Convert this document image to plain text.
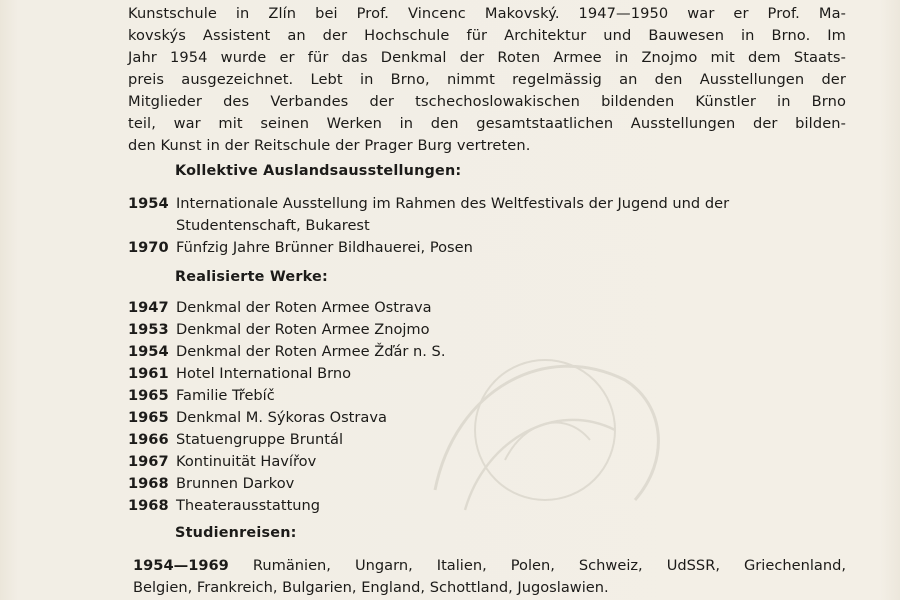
Kunstschule in Zlín bei Prof. Vincenc Makovský. 1947—1950 war er Prof. Ma-
kovskýs Assistent an der Hochschule für Architektur und Bauwesen in Brno. Im
Jahr 1954 wurde er für das Denkmal der Roten Armee in Znojmo mit dem Staats-
preis ausgezeichnet. Lebt in Brno, nimmt regelmässig an den Ausstellungen der
Mitglieder des Verbandes der tschechoslowakischen bildenden Künstler in Brno
teil, war mit seinen Werken in den gesamtstaatlichen Ausstellungen der bilden-
den Kunst in der Reitschule der Prager Burg vertreten.
Kollektive Auslandsausstellungen:
1954 Internationale Ausstellung im Rahmen des Weltfestivals der Jugend und der
Studentenschaft, Bukarest
1970 Fünfzig Jahre Brünner Bildhauerei, Posen
Realisierte Werke:
1947 Denkmal der Roten Armee Ostrava
1953 Denkmal der Roten Armee Znojmo
1954 Denkmal der Roten Armee Žďár n. S.
1961 Hotel International Brno
1965 Familie Třebíč
1965 Denkmal M. Sýkoras Ostrava
1966 Statuengruppe Bruntál
1967 Kontinuität Havířov
1968 Brunnen Darkov
1968 Theaterausstattung
Studienreisen:
1954—1969 Rumänien, Ungarn, Italien, Polen, Schweiz, UdSSR, Griechenland,
Belgien, Frankreich, Bulgarien, England, Schottland, Jugoslawien.
